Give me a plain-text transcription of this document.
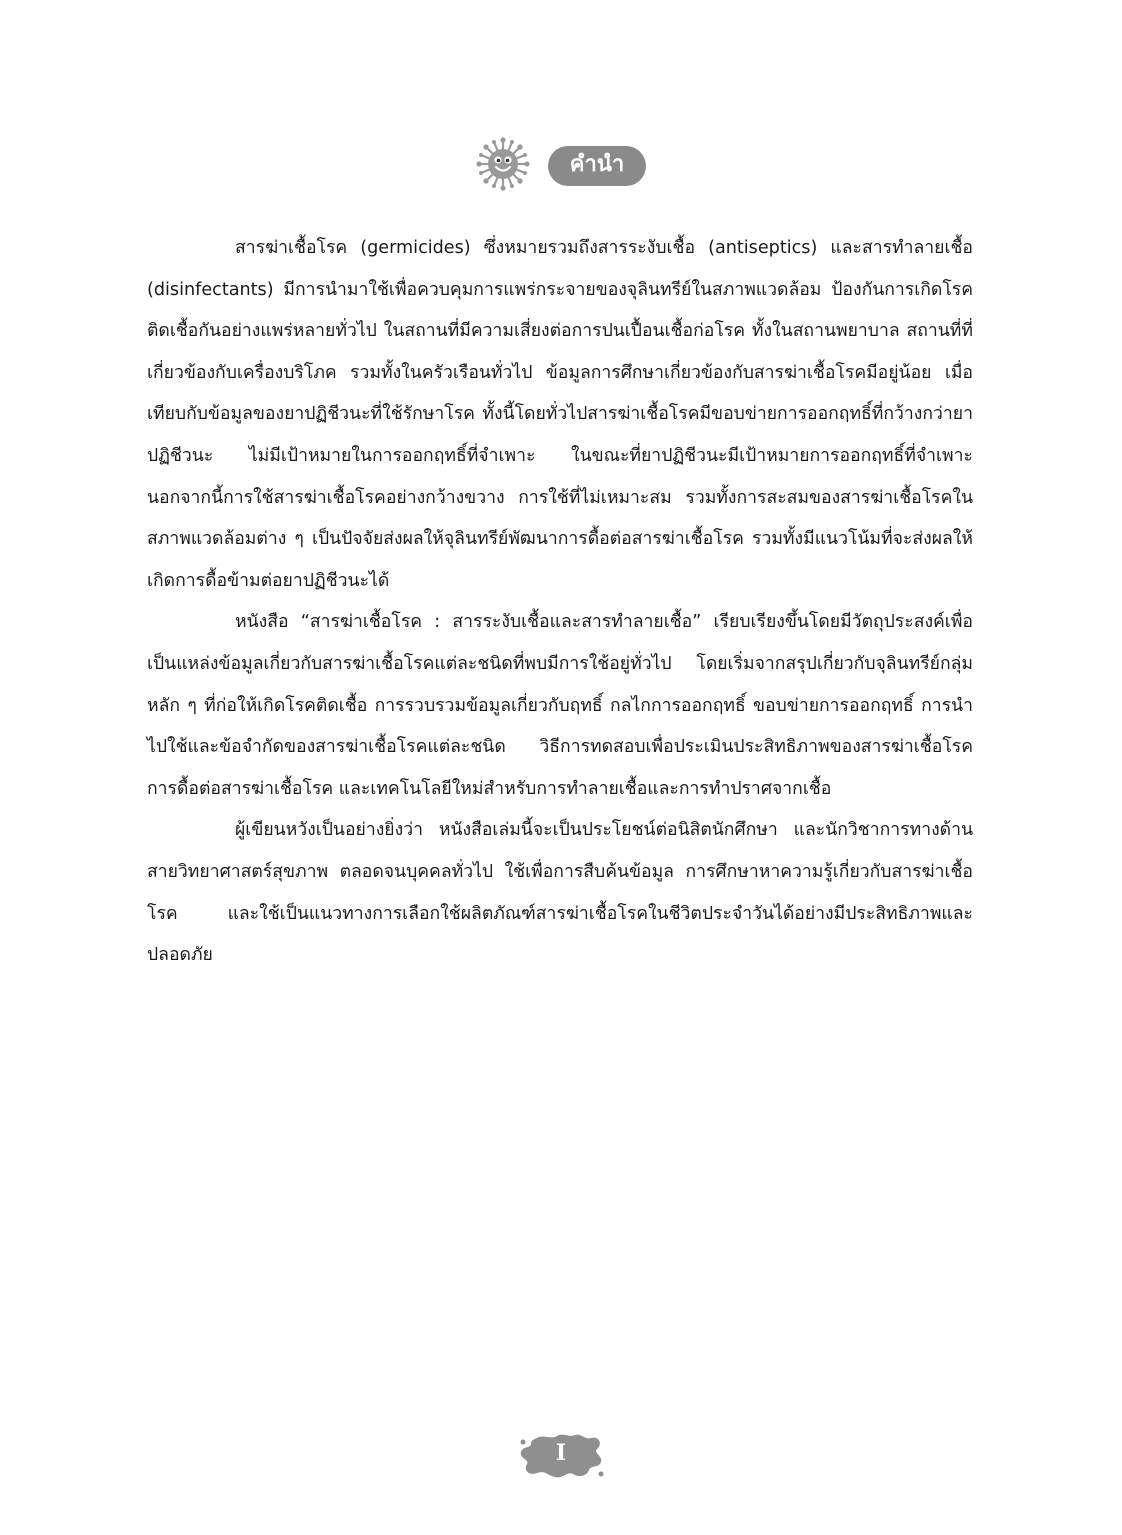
คำนำ

สารฆ่าเชื้อโรค (germicides) ซึ่งหมายรวมถึงสารระงับเชื้อ (antiseptics) และสารทำลายเชื้อ (disinfectants) มีการนำมาใช้เพื่อควบคุมการแพร่กระจายของจุลินทรีย์ในสภาพแวดล้อม ป้องกันการเกิดโรคติดเชื้อกันอย่างแพร่หลายทั่วไป ในสถานที่มีความเสี่ยงต่อการปนเปื้อนเชื้อก่อโรค ทั้งในสถานพยาบาล สถานที่ที่เกี่ยวข้องกับเครื่องบริโภค รวมทั้งในครัวเรือนทั่วไป ข้อมูลการศึกษาเกี่ยวข้องกับสารฆ่าเชื้อโรคมีอยู่น้อย เมื่อเทียบกับข้อมูลของยาปฏิชีวนะที่ใช้รักษาโรค ทั้งนี้โดยทั่วไปสารฆ่าเชื้อโรคมีขอบข่ายการออกฤทธิ์ที่กว้างกว่ายาปฏิชีวนะ ไม่มีเป้าหมายในการออกฤทธิ์ที่จำเพาะ ในขณะที่ยาปฏิชีวนะมีเป้าหมายการออกฤทธิ์ที่จำเพาะ นอกจากนี้การใช้สารฆ่าเชื้อโรคอย่างกว้างขวาง การใช้ที่ไม่เหมาะสม รวมทั้งการสะสมของสารฆ่าเชื้อโรคในสภาพแวดล้อมต่าง ๆ เป็นปัจจัยส่งผลให้จุลินทรีย์พัฒนาการดื้อต่อสารฆ่าเชื้อโรค รวมทั้งมีแนวโน้มที่จะส่งผลให้เกิดการดื้อข้ามต่อยาปฏิชีวนะได้

หนังสือ “สารฆ่าเชื้อโรค : สารระงับเชื้อและสารทำลายเชื้อ” เรียบเรียงขึ้นโดยมีวัตถุประสงค์เพื่อเป็นแหล่งข้อมูลเกี่ยวกับสารฆ่าเชื้อโรคแต่ละชนิดที่พบมีการใช้อยู่ทั่วไป โดยเริ่มจากสรุปเกี่ยวกับจุลินทรีย์กลุ่มหลัก ๆ ที่ก่อให้เกิดโรคติดเชื้อ การรวบรวมข้อมูลเกี่ยวกับฤทธิ์ กลไกการออกฤทธิ์ ขอบข่ายการออกฤทธิ์ การนำไปใช้และข้อจำกัดของสารฆ่าเชื้อโรคแต่ละชนิด วิธีการทดสอบเพื่อประเมินประสิทธิภาพของสารฆ่าเชื้อโรค การดื้อต่อสารฆ่าเชื้อโรค และเทคโนโลยีใหม่สำหรับการทำลายเชื้อและการทำปราศจากเชื้อ

ผู้เขียนหวังเป็นอย่างยิ่งว่า หนังสือเล่มนี้จะเป็นประโยชน์ต่อนิสิตนักศึกษา และนักวิชาการทางด้านสายวิทยาศาสตร์สุขภาพ ตลอดจนบุคคลทั่วไป ใช้เพื่อการสืบค้นข้อมูล การศึกษาหาความรู้เกี่ยวกับสารฆ่าเชื้อโรค และใช้เป็นแนวทางการเลือกใช้ผลิตภัณฑ์สารฆ่าเชื้อโรคในชีวิตประจำวันได้อย่างมีประสิทธิภาพและปลอดภัย

I
